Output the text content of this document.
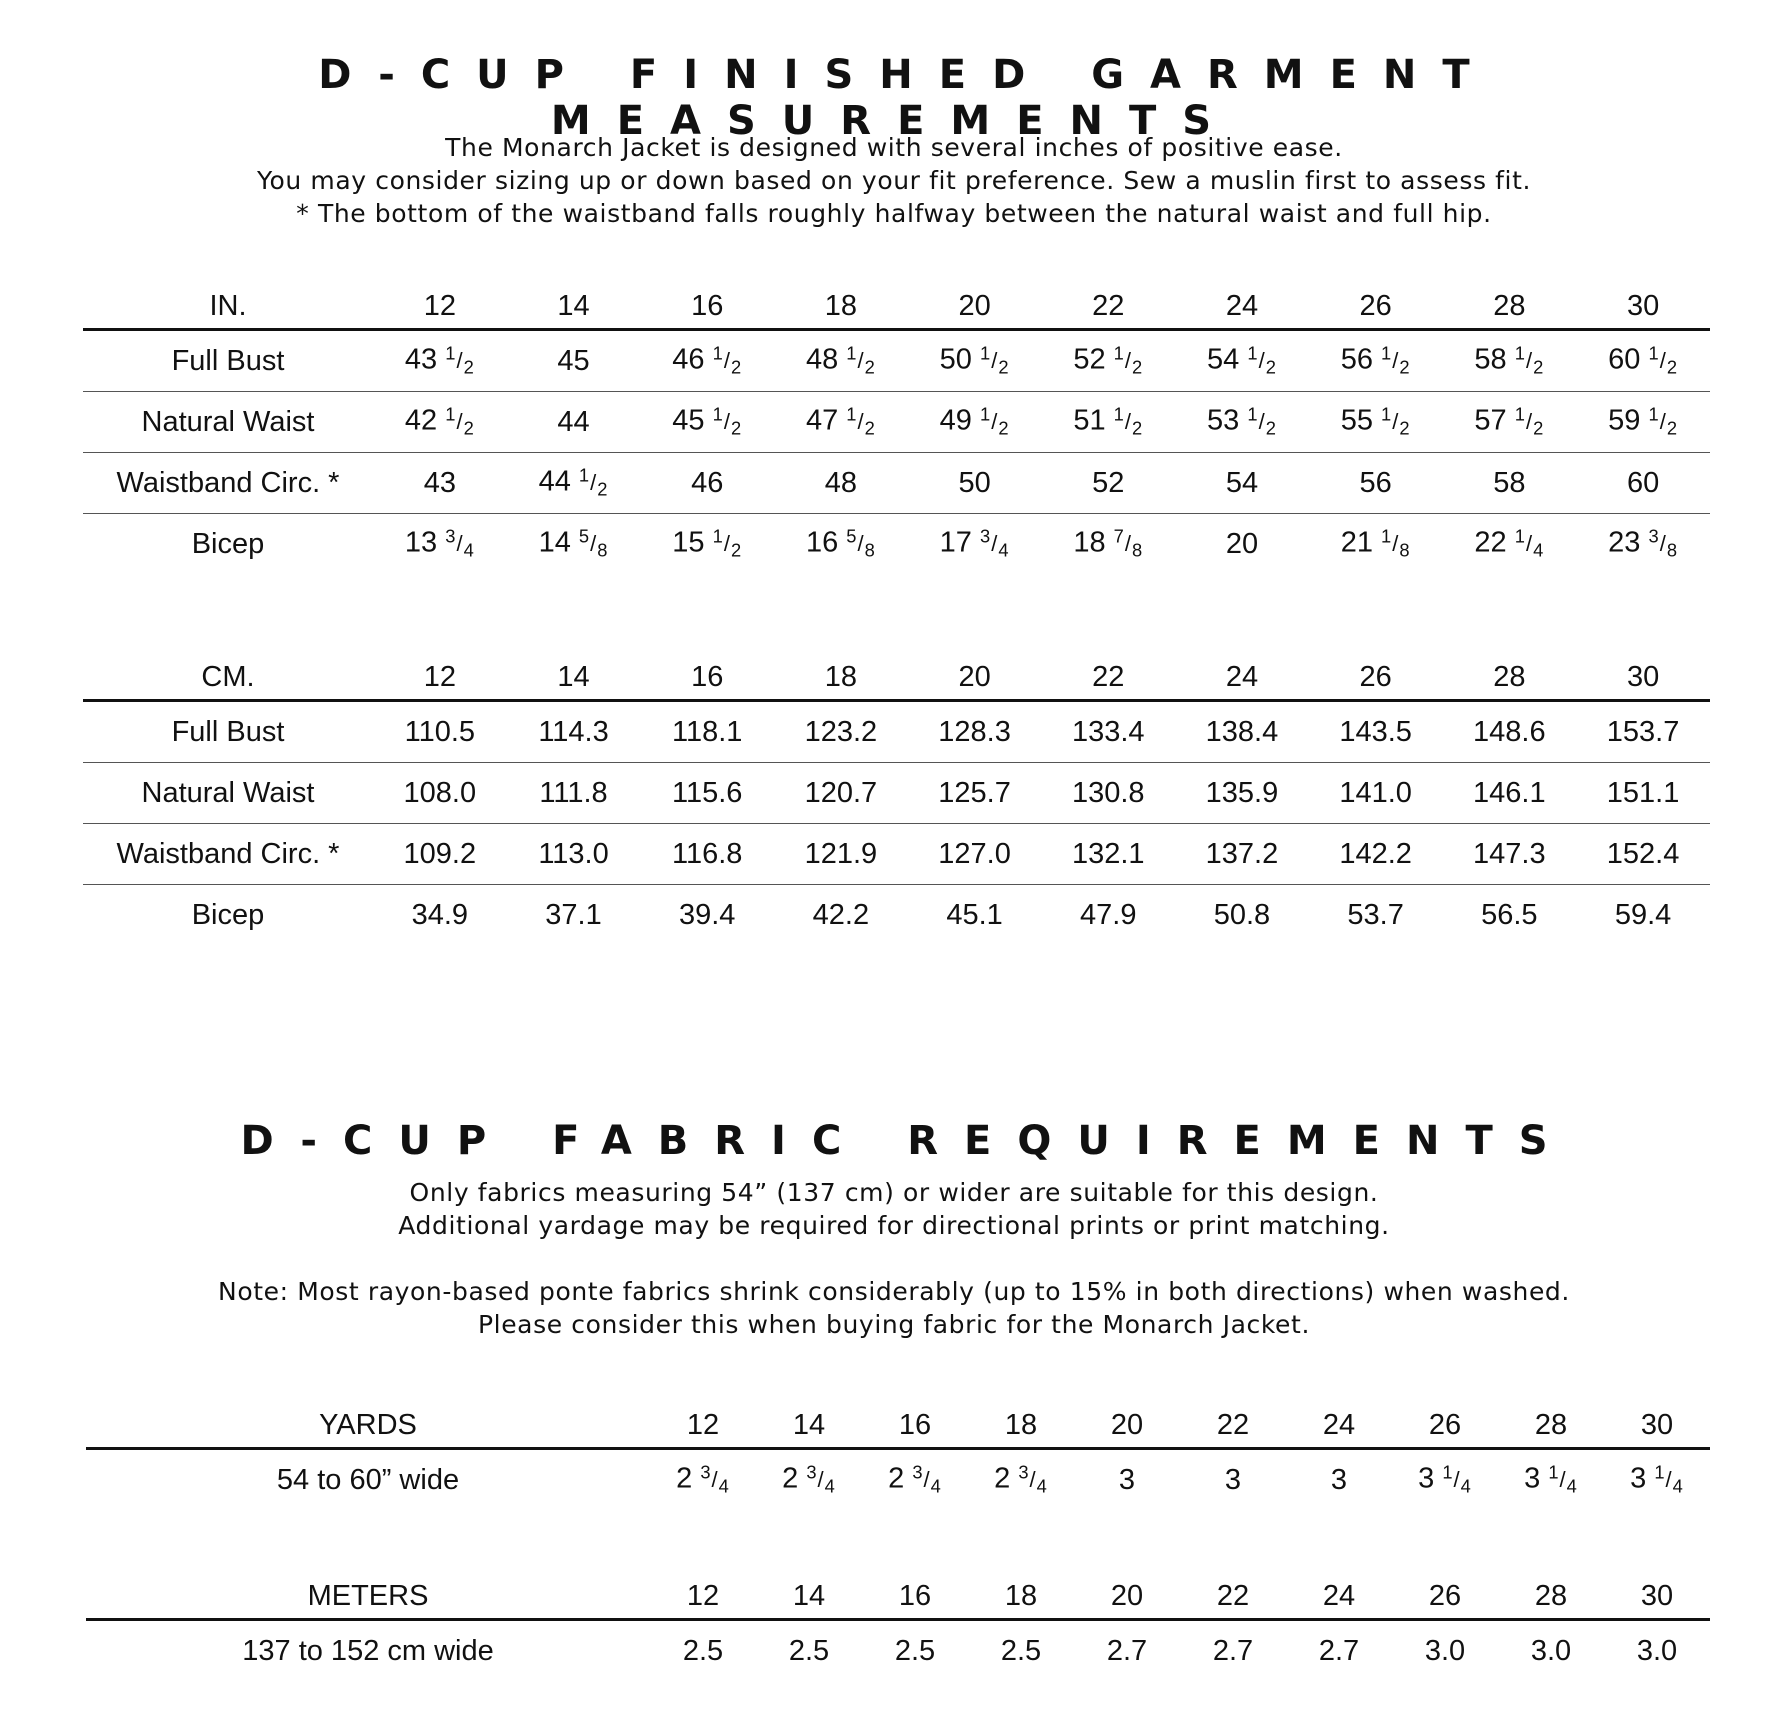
D-CUP FINISHED GARMENT MEASUREMENTS
The Monarch Jacket is designed with several inches of positive ease.
You may consider sizing up or down based on your fit preference. Sew a muslin first to assess fit.
* The bottom of the waistband falls roughly halfway between the natural waist and full hip.
IN.	12	14	16	18	20	22	24	26	28	30
Full Bust	43 $^1/_2$	45	46 $^1/_2$	48 $^1/_2$	50 $^1/_2$	52 $^1/_2$	54 $^1/_2$	56 $^1/_2$	58 $^1/_2$	60 $^1/_2$
Natural Waist	42 $^1/_2$	44	45 $^1/_2$	47 $^1/_2$	49 $^1/_2$	51 $^1/_2$	53 $^1/_2$	55 $^1/_2$	57 $^1/_2$	59 $^1/_2$
Waistband Circ. *	43	44 $^1/_2$	46	48	50	52	54	56	58	60
Bicep	13 $^3/_4$	14 $^5/_8$	15 $^1/_2$	16 $^5/_8$	17 $^3/_4$	18 $^7/_8$	20	21 $^1/_8$	22 $^1/_4$	23 $^3/_8$
CM.	12	14	16	18	20	22	24	26	28	30
Full Bust	110.5	114.3	118.1	123.2	128.3	133.4	138.4	143.5	148.6	153.7
Natural Waist	108.0	111.8	115.6	120.7	125.7	130.8	135.9	141.0	146.1	151.1
Waistband Circ. *	109.2	113.0	116.8	121.9	127.0	132.1	137.2	142.2	147.3	152.4
Bicep	34.9	37.1	39.4	42.2	45.1	47.9	50.8	53.7	56.5	59.4
D-CUP FABRIC REQUIREMENTS
Only fabrics measuring 54” (137 cm) or wider are suitable for this design.
Additional yardage may be required for directional prints or print matching.
Note: Most rayon-based ponte fabrics shrink considerably (up to 15% in both directions) when washed.
Please consider this when buying fabric for the Monarch Jacket.
YARDS	12	14	16	18	20	22	24	26	28	30
54 to 60” wide	2 $^3/_4$	2 $^3/_4$	2 $^3/_4$	2 $^3/_4$	3	3	3	3 $^1/_4$	3 $^1/_4$	3 $^1/_4$
METERS	12	14	16	18	20	22	24	26	28	30
137 to 152 cm wide	2.5	2.5	2.5	2.5	2.7	2.7	2.7	3.0	3.0	3.0
